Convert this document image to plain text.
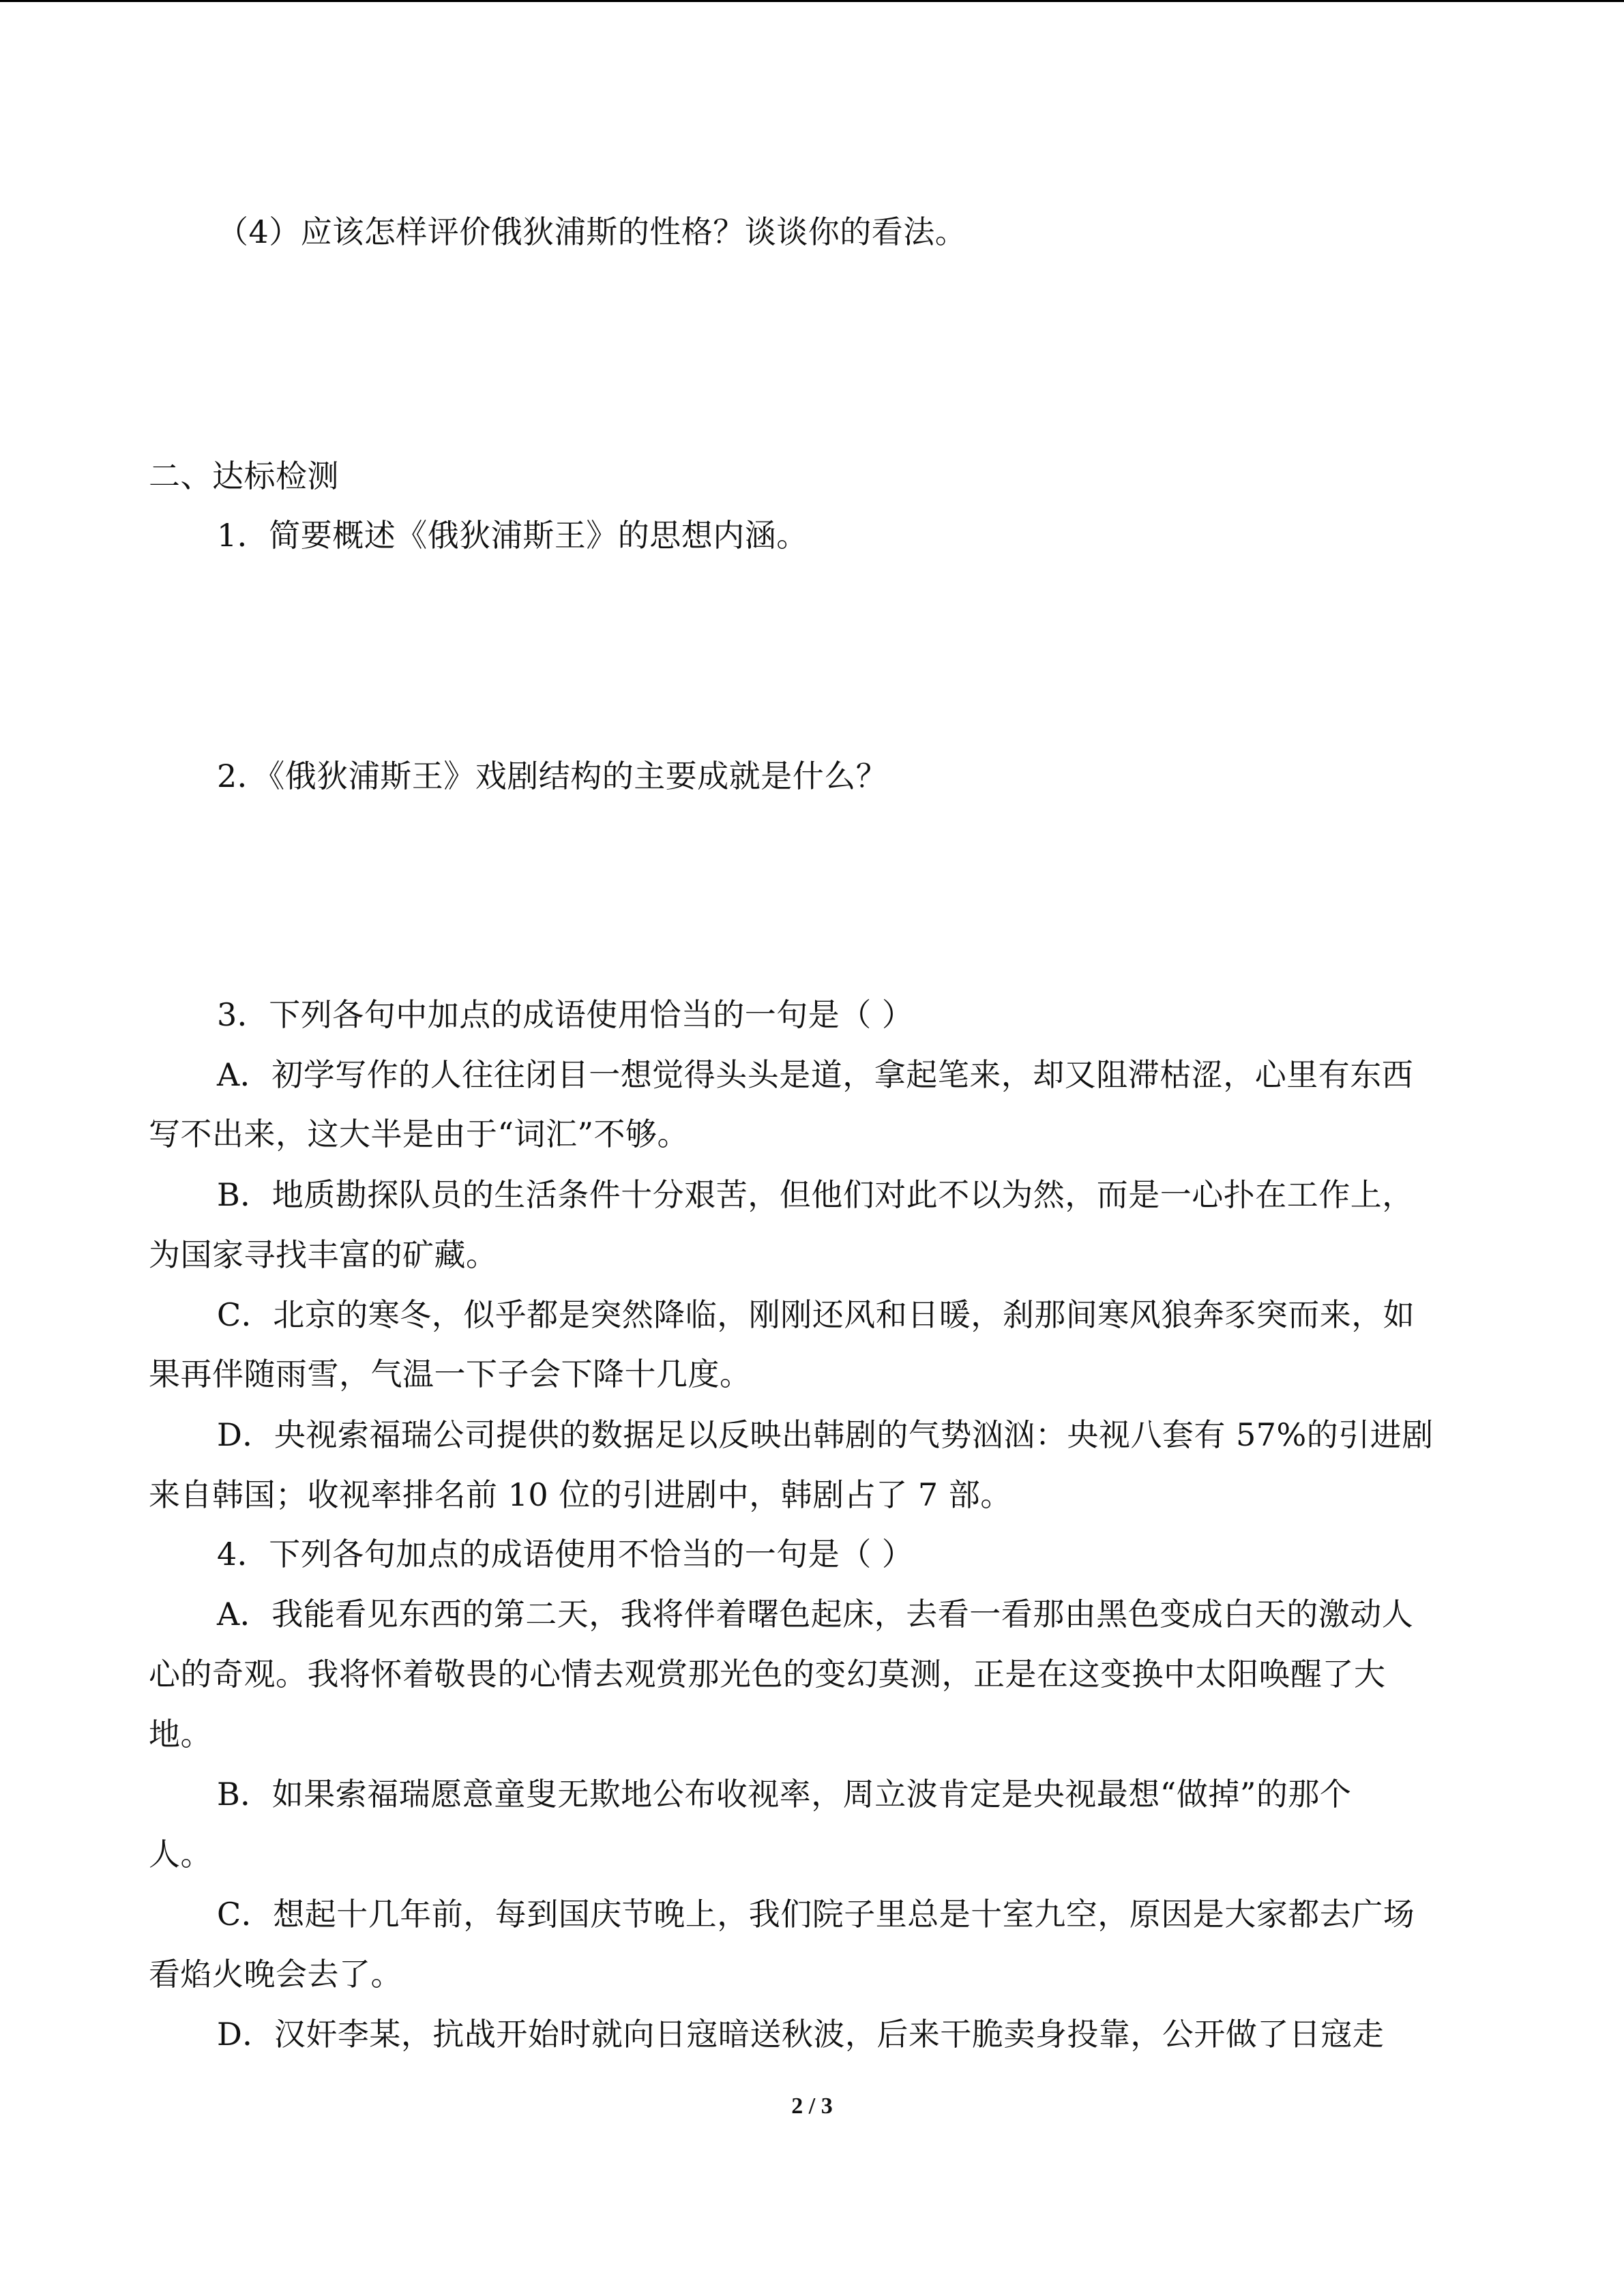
（4）应该怎样评价俄狄浦斯的性格？谈谈你的看法。
二、达标检测
1．简要概述《俄狄浦斯王》的思想内涵。
2．《俄狄浦斯王》戏剧结构的主要成就是什么？
3．下列各句中加点的成语使用恰当的一句是（ ）
A．初学写作的人往往闭目一想觉得头头是道，拿起笔来，却又阻滞枯涩，心里有东西
写不出来，这大半是由于“词汇”不够。
B．地质勘探队员的生活条件十分艰苦，但他们对此不以为然，而是一心扑在工作上，
为国家寻找丰富的矿藏。
C．北京的寒冬，似乎都是突然降临，刚刚还风和日暖，刹那间寒风狼奔豕突而来，如
果再伴随雨雪，气温一下子会下降十几度。
D．央视索福瑞公司提供的数据足以反映出韩剧的气势汹汹：央视八套有 57%的引进剧
来自韩国；收视率排名前 10 位的引进剧中，韩剧占了 7 部。
4．下列各句加点的成语使用不恰当的一句是（ ）
A．我能看见东西的第二天，我将伴着曙色起床，去看一看那由黑色变成白天的激动人
心的奇观。我将怀着敬畏的心情去观赏那光色的变幻莫测，正是在这变换中太阳唤醒了大
地。
B．如果索福瑞愿意童叟无欺地公布收视率，周立波肯定是央视最想“做掉”的那个
人。
C．想起十几年前，每到国庆节晚上，我们院子里总是十室九空，原因是大家都去广场
看焰火晚会去了。
D．汉奸李某，抗战开始时就向日寇暗送秋波，后来干脆卖身投靠，公开做了日寇走
2 / 3
